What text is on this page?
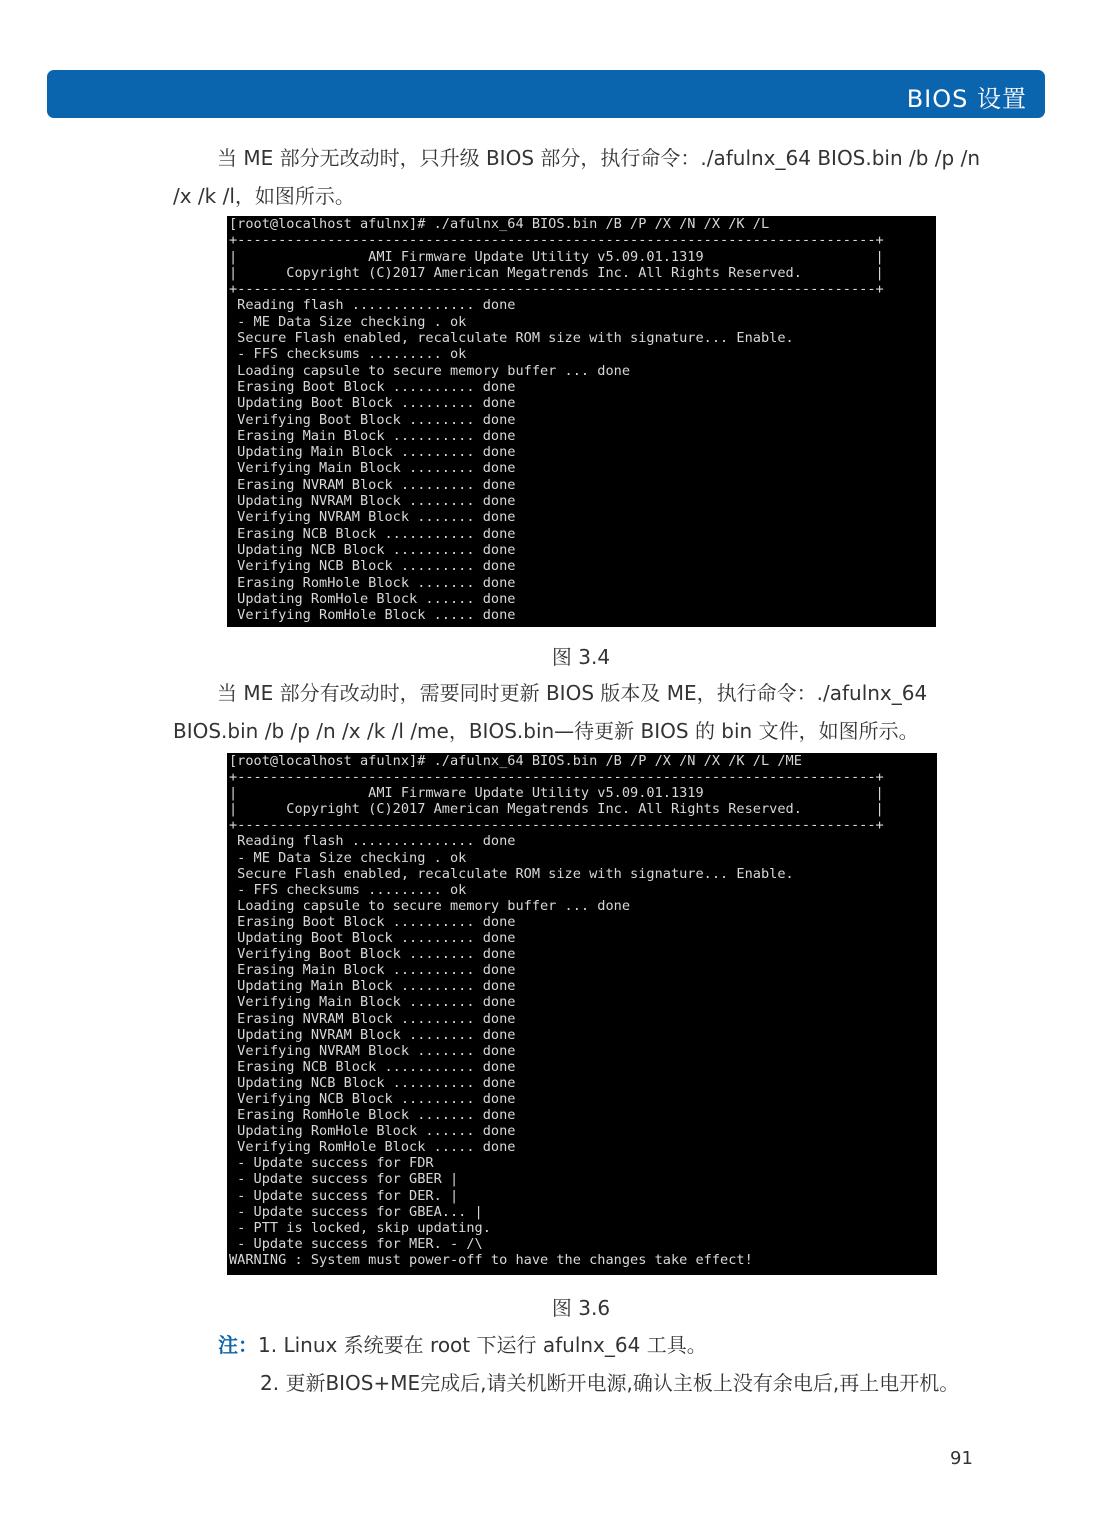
BIOS 设置
当 ME 部分无改动时，只升级 BIOS 部分，执行命令：./afulnx_64 BIOS.bin /b /p /n /x /k /l，如图所示。
[root@localhost afulnx]# ./afulnx_64 BIOS.bin /B /P /X /N /X /K /L
+------------------------------------------------------------------------------+
|                AMI Firmware Update Utility v5.09.01.1319                     |
|      Copyright (C)2017 American Megatrends Inc. All Rights Reserved.         |
+------------------------------------------------------------------------------+
Reading flash ............... done
- ME Data Size checking . ok
Secure Flash enabled, recalculate ROM size with signature... Enable.
- FFS checksums ......... ok
Loading capsule to secure memory buffer ... done
Erasing Boot Block .......... done
Updating Boot Block ......... done
Verifying Boot Block ........ done
Erasing Main Block .......... done
Updating Main Block ......... done
Verifying Main Block ........ done
Erasing NVRAM Block ......... done
Updating NVRAM Block ........ done
Verifying NVRAM Block ....... done
Erasing NCB Block ........... done
Updating NCB Block .......... done
Verifying NCB Block ......... done
Erasing RomHole Block ....... done
Updating RomHole Block ...... done
Verifying RomHole Block ..... done
图 3.4
当 ME 部分有改动时，需要同时更新 BIOS 版本及 ME，执行命令：./afulnx_64 BIOS.bin /b /p /n /x /k /l /me，BIOS.bin—待更新 BIOS 的 bin 文件，如图所示。
[root@localhost afulnx]# ./afulnx_64 BIOS.bin /B /P /X /N /X /K /L /ME
+------------------------------------------------------------------------------+
|                AMI Firmware Update Utility v5.09.01.1319                     |
|      Copyright (C)2017 American Megatrends Inc. All Rights Reserved.         |
+------------------------------------------------------------------------------+
Reading flash ............... done
- ME Data Size checking . ok
Secure Flash enabled, recalculate ROM size with signature... Enable.
- FFS checksums ......... ok
Loading capsule to secure memory buffer ... done
Erasing Boot Block .......... done
Updating Boot Block ......... done
Verifying Boot Block ........ done
Erasing Main Block .......... done
Updating Main Block ......... done
Verifying Main Block ........ done
Erasing NVRAM Block ......... done
Updating NVRAM Block ........ done
Verifying NVRAM Block ....... done
Erasing NCB Block ........... done
Updating NCB Block .......... done
Verifying NCB Block ......... done
Erasing RomHole Block ....... done
Updating RomHole Block ...... done
Verifying RomHole Block ..... done
- Update success for FDR
- Update success for GBER |
- Update success for DER. |
- Update success for GBEA... |
- PTT is locked, skip updating.
- Update success for MER. - /\
WARNING : System must power-off to have the changes take effect!
图 3.6
注：1. Linux 系统要在 root 下运行 afulnx_64 工具。
2. 更新BIOS+ME完成后,请关机断开电源,确认主板上没有余电后,再上电开机。
91
